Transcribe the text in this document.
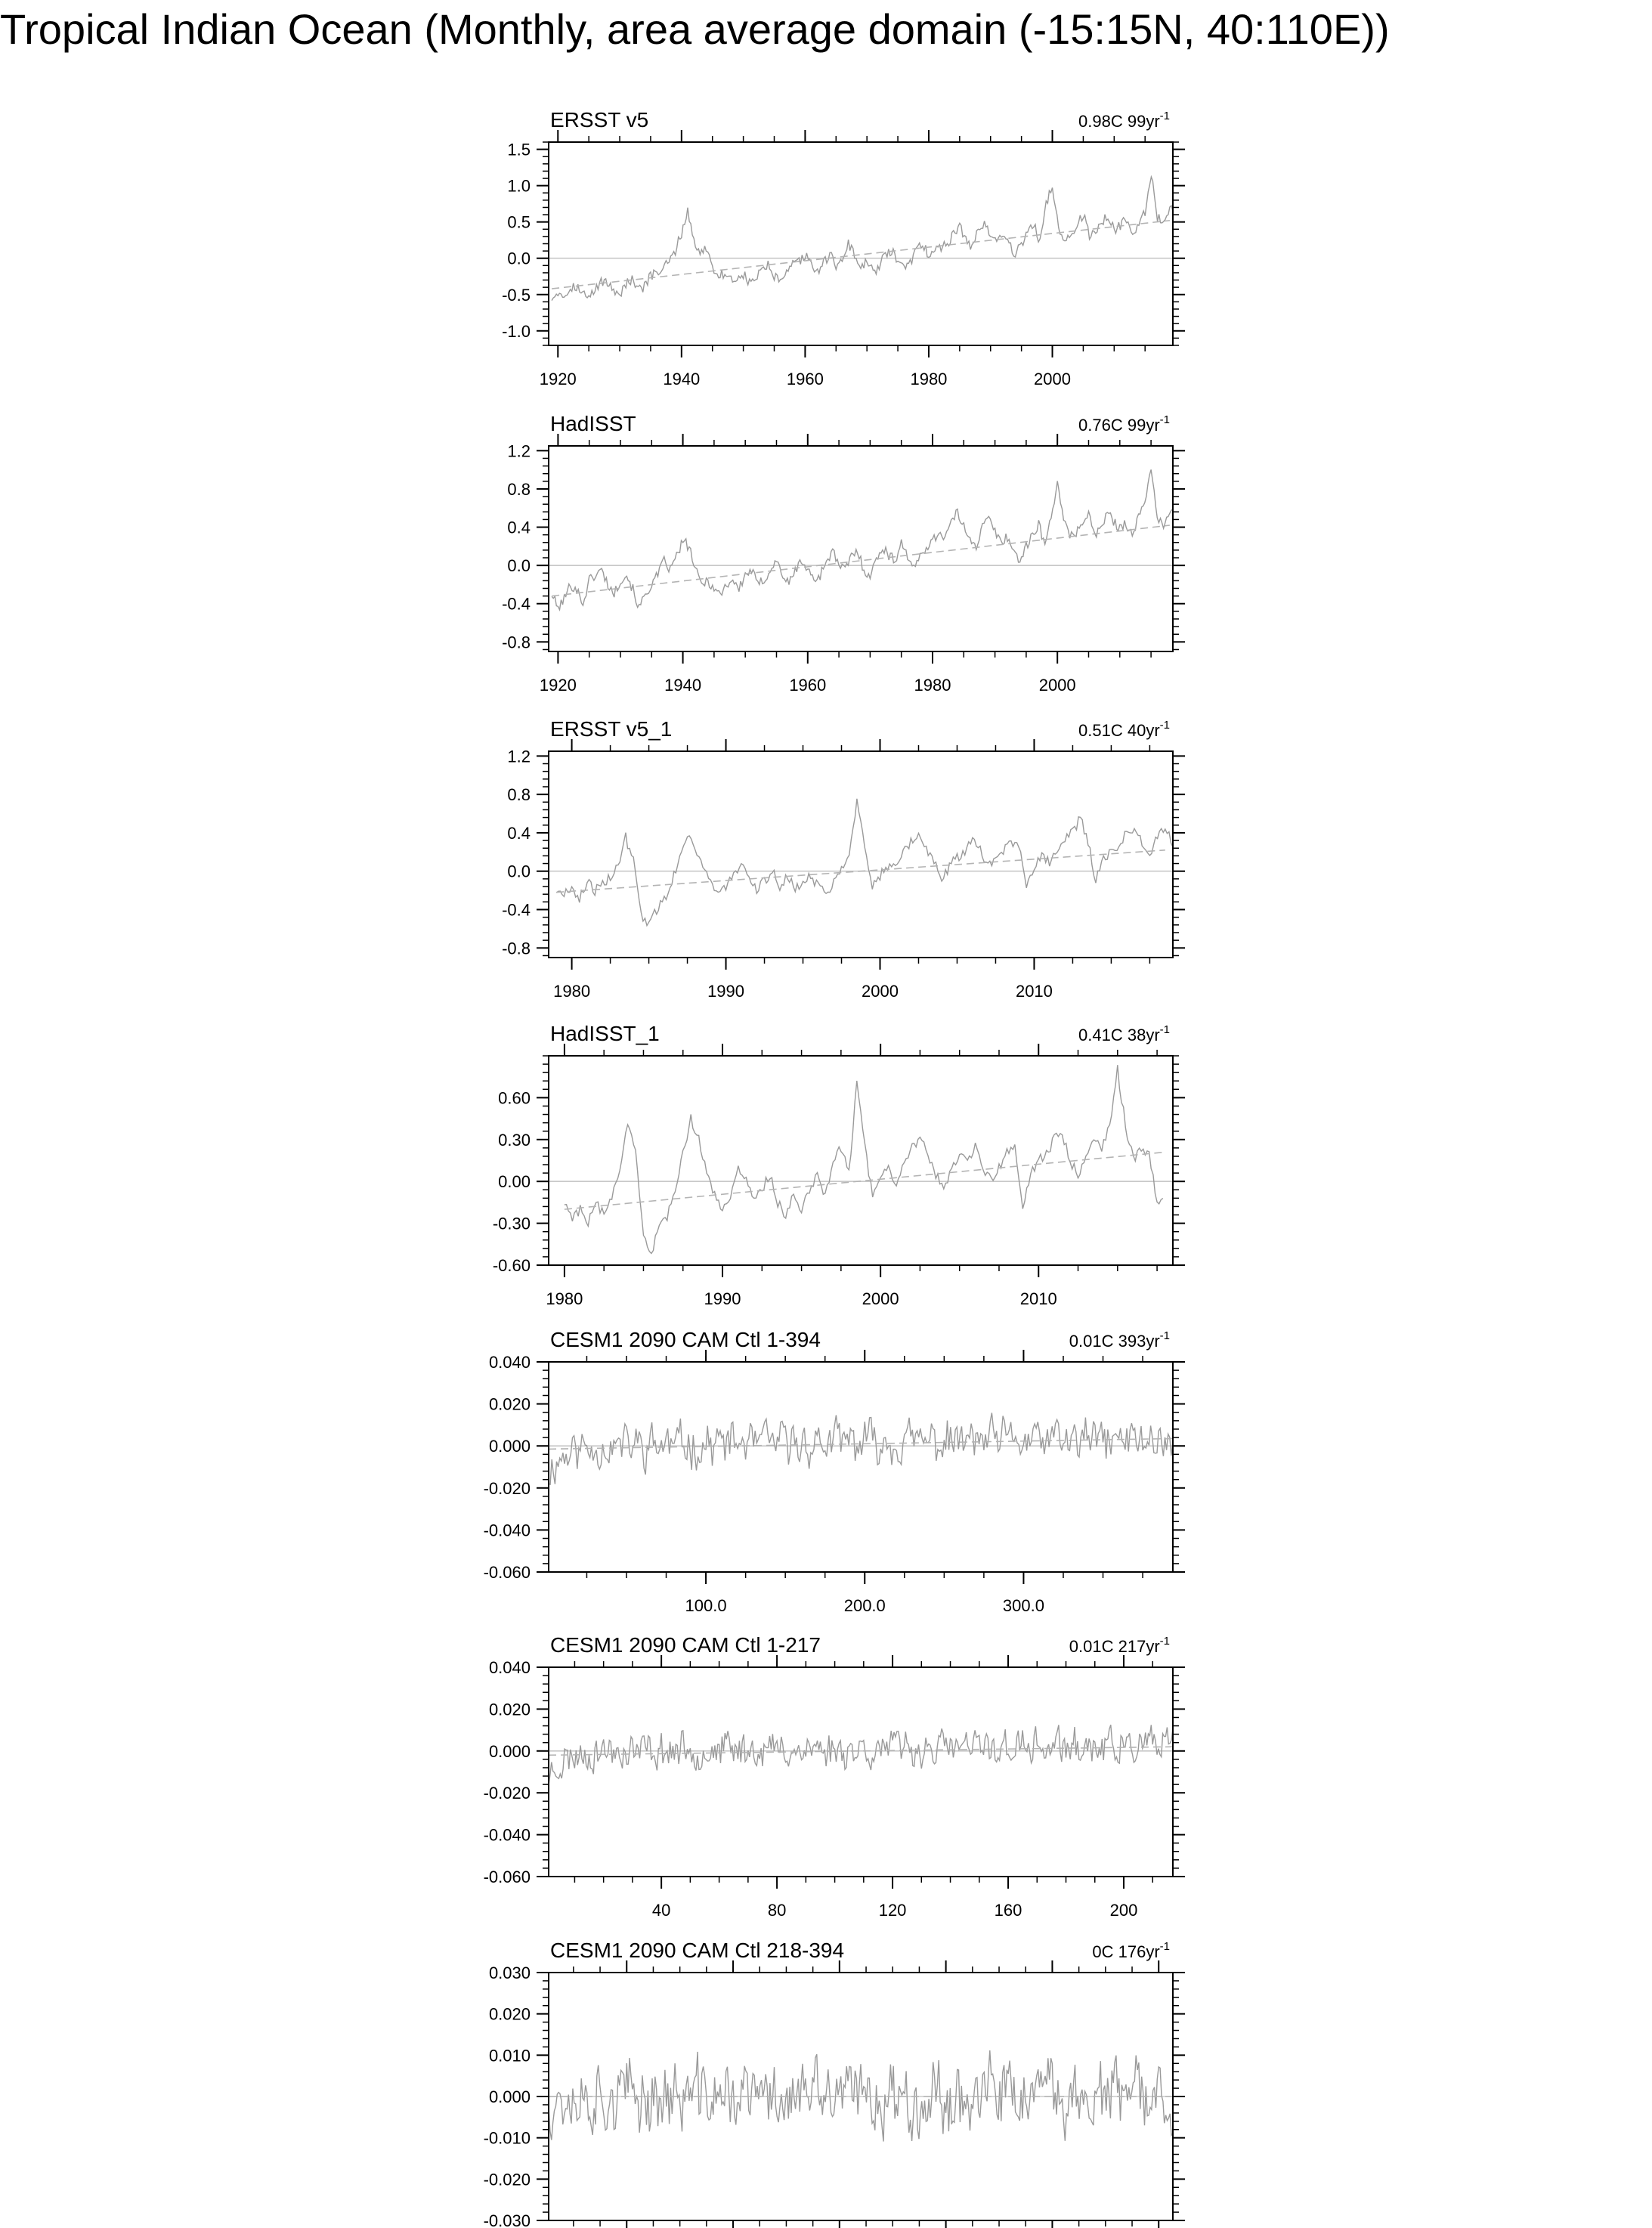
Tropical Indian Ocean (Monthly, area average domain (-15:15N, 40:110E))
1920	1940	1960	1980	2000
-1.0
-0.5
0.0
0.5
1.0
1.5
ERSST v5	0.98C $99yr^{-1}$
1920	1940	1960	1980	2000
-0.8
-0.4
0.0
0.4
0.8
1.2
HadISST	0.76C $99yr^{-1}$
1980	1990	2000	2010
-0.8
-0.4
0.0
0.4
0.8
1.2
ERSST v5_1	0.51C $40yr^{-1}$
1980	1990	2000	2010
-0.60
-0.30
0.00
0.30
0.60
HadISST_1	0.41C $38yr^{-1}$
100.0	200.0	300.0
-0.060
-0.040
-0.020
0.000
0.020
0.040
CESM1 2090 CAM Ctl 1-394	0.01C $393yr^{-1}$
40	80	120	160	200
-0.060
-0.040
-0.020
0.000
0.020
0.040
CESM1 2090 CAM Ctl 1-217	0.01C $217yr^{-1}$
-0.030
-0.020
-0.010
0.000
0.010
0.020
0.030
CESM1 2090 CAM Ctl 218-394	0C $176yr^{-1}$
